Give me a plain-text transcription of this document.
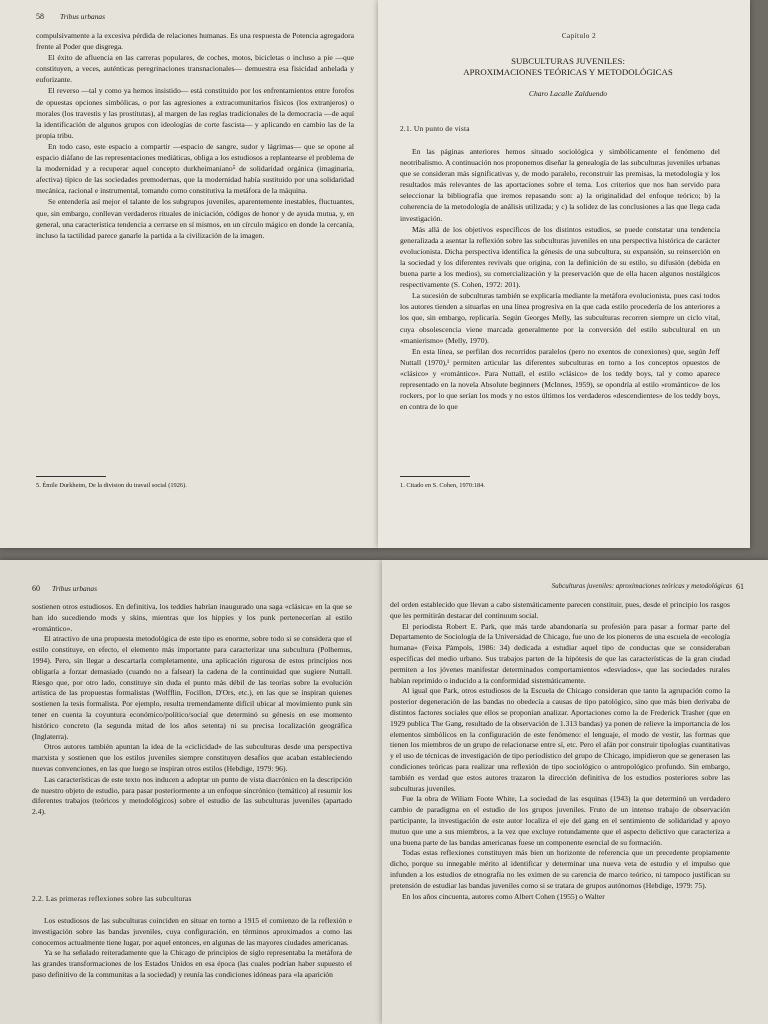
58 Tribus urbanas

compulsivamente a la excesiva pérdida de relaciones humanas. Es una respuesta de Potencia agregadora frente al Poder que disgrega.

El éxito de afluencia en las carreras populares, de coches, motos, bicicletas o incluso a pie —que constituyen, a veces, auténticas peregrinaciones transnacionales— demuestra esa fisicidad anhelada y euforizante.

El reverso —tal y como ya hemos insistido— está constituido por los enfrentamientos entre forofos de opuestas opciones simbólicas, o por las agresiones a extracomunitarios físicos (los extranjeros) o morales (los travestis y las prostitutas), al margen de las reglas tradicionales de la democracia —de aquí la identificación de algunos grupos con ideologías de corte fascista— y aplicando en cambio las de la propia tribu.

En todo caso, este espacio a compartir —espacio de sangre, sudor y lágrimas— que se opone al espacio diáfano de las representaciones mediáticas, obliga a los estudiosos a replantearse el problema de la modernidad y a recuperar aquel concepto durkheimaniano⁵ de solidaridad orgánica (imaginaria, afectiva) típico de las sociedades premodernas, que la modernidad había sustituido por una solidaridad mecánica, racional e instrumental, tomando como constitutiva la metáfora de la máquina.

Se entendería así mejor el talante de los subgrupos juveniles, aparentemente inestables, fluctuantes, que, sin embargo, conllevan verdaderos rituales de iniciación, códigos de honor y de ayuda mutua, y, en general, una característica tendencia a cerrarse en sí mismos, en un círculo mágico en donde la cercanía, incluso la tactilidad parece ganarle la partida a la civilización de la imagen.

5. Émile Durkheim, De la division du travail social (1926).
Capítulo 2
SUBCULTURAS JUVENILES:
APROXIMACIONES TEÓRICAS Y METODOLÓGICAS
Charo Lacalle Zalduendo
2.1. Un punto de vista

En las páginas anteriores hemos situado sociológica y simbólicamente el fenómeno del neotribalismo. A continuación nos proponemos diseñar la genealogía de las subculturas juveniles urbanas que se consideran más significativas y, de modo paralelo, reconstruir las premisas, la metodología y los resultados más relevantes de las aportaciones sobre el tema. Los criterios que nos han servido para seleccionar la bibliografía que iremos repasando son: a) la originalidad del enfoque teórico; b) la coherencia de la metodología de análisis utilizada; y c) la solidez de las conclusiones a las que llega cada investigación.

Más allá de los objetivos específicos de los distintos estudios, se puede constatar una tendencia generalizada a asentar la reflexión sobre las subculturas juveniles en una perspectiva histórica de carácter evolucionista. Dicha perspectiva identifica la génesis de una subcultura, su expansión, su reinserción en la sociedad y los diferentes revivals que origina, con la definición de su estilo, su difusión (debida en buena parte a los medios), su comercialización y la preservación que de ella hacen algunos nostálgicos respectivamente (S. Cohen, 1972: 201).

La sucesión de subculturas también se explicaría mediante la metáfora evolucionista, pues casi todos los autores tienden a situarlas en una línea progresiva en la que cada estilo procedería de los anteriores a los que, sin embargo, replicaría. Según Georges Melly, las subculturas recorren siempre un ciclo vital, cuya obsolescencia viene marcada generalmente por la conversión del estilo subcultural en un «manierismo» (Melly, 1970).

En esta línea, se perfilan dos recorridos paralelos (pero no exentos de conexiones) que, según Jeff Nuttall (1970),¹ permiten articular las diferentes subculturas en torno a los conceptos opuestos de «clásico» y «romántico». Para Nuttall, el estilo «clásico» de los teddy boys, tal y como aparece representado en la novela Absolute beginners (McInnes, 1959), se opondría al estilo «romántico» de los rockers, por lo que serían los mods y no estos últimos los verdaderos «descendientes» de los teddy boys, en contra de lo que

1. Citado en S. Cohen, 1970:184.
60 Tribus urbanas

sostienen otros estudiosos. En definitiva, los teddies habrían inaugurado una saga «clásica» en la que se han ido sucediendo mods y skins, mientras que los hippies y los punk pertenecerían al estilo «romántico».

El atractivo de una propuesta metodológica de este tipo es enorme, sobre todo si se considera que el estilo constituye, en efecto, el elemento más importante para caracterizar una subcultura (Polhemus, 1994). Pero, sin llegar a descartarla completamente, una aplicación rigurosa de estos principios nos obligaría a forzar demasiado (cuando no a falsear) la cadena de la continuidad que sugiere Nuttall. Riesgo que, por otro lado, constituye sin duda el punto más débil de las teorías sobre la evolución artística de las propuestas formalistas (Wolfflin, Focillon, D'Ors, etc.), en las que se inspiran quienes sostienen la tesis formalista. Por ejemplo, resulta tremendamente difícil ubicar al movimiento punk sin tener en cuenta la coyuntura económico/político/social que determinó su génesis en ese momento histórico concreto (la segunda mitad de los años setenta) ni su precisa localización geográfica (Inglaterra).

Otros autores también apuntan la idea de la «ciclicidad» de las subculturas desde una perspectiva marxista y sostienen que los estilos juveniles siempre constituyen desafíos que acaban estableciendo nuevas convenciones, en las que luego se inspiran otros estilos (Hebdige, 1979: 96).

Las características de este texto nos inducen a adoptar un punto de vista diacrónico en la descripción de nuestro objeto de estudio, para pasar posteriormente a un enfoque sincrónico (temático) al resumir los diferentes trabajos (teóricos y metodológicos) sobre el estudio de las subculturas juveniles (apartado 2.4).

2.2. Las primeras reflexiones sobre las subculturas

Los estudiosos de las subculturas coinciden en situar en torno a 1915 el comienzo de la reflexión e investigación sobre las bandas juveniles, cuya configuración, en términos aproximados a como las conocemos actualmente tiene lugar, por aquel entonces, en algunas de las mayores ciudades americanas.

Ya se ha señalado reiteradamente que la Chicago de principios de siglo representaba la metáfora de las grandes transformaciones de los Estados Unidos en esa época (las cuales podrían haber supuesto el paso definitivo de la communitas a la sociedad) y reunía las condiciones idóneas para «la aparición

Subculturas juveniles: aproximaciones teóricas y metodológicas 61

del orden establecido que llevan a cabo sistemáticamente parecen constituir, pues, desde el principio los rasgos que les permitirán destacar del continuum social.

El periodista Robert E. Park, que más tarde abandonaría su profesión para pasar a formar parte del Departamento de Sociología de la Universidad de Chicago, fue uno de los pioneros de una escuela de «ecología humana» (Feixa Pàmpols, 1986: 34) dedicada a estudiar aquel tipo de conductas que se consideraban específicas del medio urbano. Sus trabajos parten de la hipótesis de que las características de la gran ciudad permiten a los jóvenes manifestar determinados comportamientos «desviados», que las sociedades rurales habían reprimido o inducido a la conformidad sistemáticamente.

Al igual que Park, otros estudiosos de la Escuela de Chicago consideran que tanto la agrupación como la posterior degeneración de las bandas no obedecía a causas de tipo patológico, sino que más bien derivaba de distintos factores sociales que ellos se proponían analizar. Aportaciones como la de Frederick Trasher (que en 1929 publica The Gang, resultado de la observación de 1.313 bandas) ya ponen de relieve la importancia de los elementos simbólicos en la configuración de este fenómeno: el lenguaje, el modo de vestir, las formas que tienen los miembros de un grupo de relacionarse entre sí, etc. Pero el afán por construir tipologías cuantitativas y el uso de técnicas de investigación de tipo periodístico del grupo de Chicago, impidieron que se generasen las condiciones teóricas para realizar una reflexión de tipo sociológico o antropológico profundo. Sin embargo, también es verdad que estos autores trazaron la dirección definitiva de los estudios posteriores sobre las subculturas juveniles.

Fue la obra de Wiliam Foote White, La sociedad de las esquinas (1943) la que determinó un verdadero cambio de paradigma en el estudio de los grupos juveniles. Fruto de un intenso trabajo de observación participante, la investigación de este autor localiza el eje del gang en el sentimiento de solidaridad y apoyo mutuo que une a sus miembros, a la vez que excluye rotundamente que el aspecto delictivo que caracteriza a una buena parte de las bandas americanas fuese un componente esencial de su formación.

Todas estas reflexiones constituyen más bien un horizonte de referencia que un precedente propiamente dicho, porque su innegable mérito al identificar y determinar una nueva veta de estudio y el impulso que infunden a los estudios de etnografía no les eximen de su carencia de marco teórico, ni tampoco justifican su pretensión de estudiar las bandas juveniles como si se tratara de grupos autónomos (Hebdige, 1979: 75).

En los años cincuenta, autores como Albert Cohen (1955) o Walter
